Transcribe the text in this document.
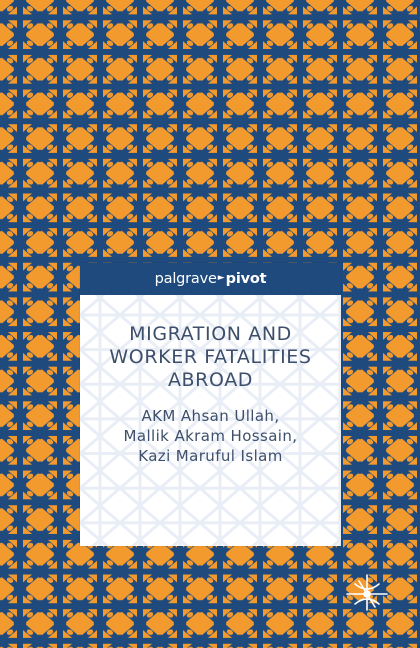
palgrave ► pivot
MIGRATION AND
WORKER FATALITIES
ABROAD
AKM Ahsan Ullah,
Mallik Akram Hossain,
Kazi Maruful Islam
